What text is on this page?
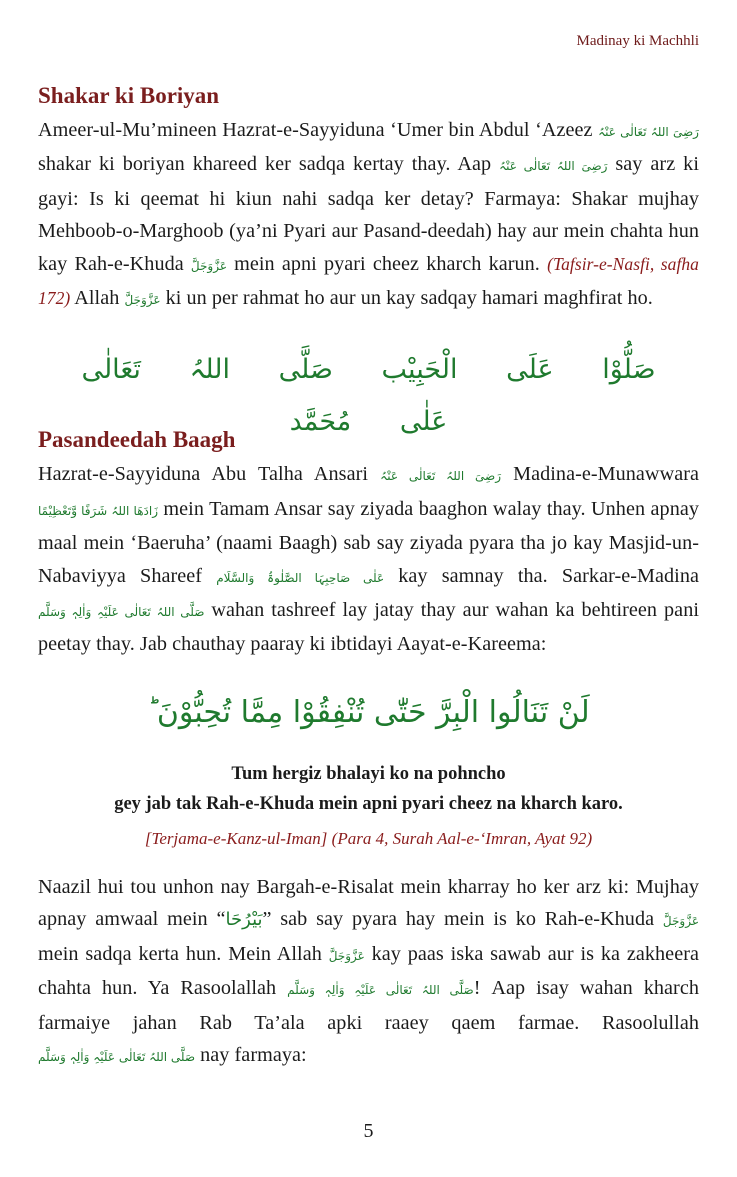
Madinay ki Machhli
Shakar ki Boriyan

Ameer-ul-Mu’mineen Hazrat-e-Sayyiduna ‘Umer bin Abdul ‘Azeez رَضِیَ اللہُ تَعَالٰی عَنْہُ shakar ki boriyan khareed ker sadqa kertay thay. Aap رَضِیَ اللہُ تَعَالٰی عَنْہُ say arz ki gayi: Is ki qeemat hi kiun nahi sadqa ker detay? Farmaya: Shakar mujhay Mehboob-o-Marghoob (ya’ni Pyari aur Pasand-deedah) hay aur mein chahta hun kay Rah-e-Khuda عَزَّوَجَلَّ mein apni pyari cheez kharch karun. (Tafsir-e-Nasfi, safha 172) Allah عَزَّوَجَلَّ ki un per rahmat ho aur un kay sadqay hamari maghfirat ho.

صَلُّوْا عَلَی الْحَبِیْب صَلَّی اللہُ تَعَالٰی عَلٰی مُحَمَّد
Pasandeedah Baagh

Hazrat-e-Sayyiduna Abu Talha Ansari رَضِیَ اللہُ تَعَالٰی عَنْہُ Madina-e-Munawwara زَادَھَا اللہُ شَرَفًا وَّتَعْظِیْمًا mein Tamam Ansar say ziyada baaghon walay thay. Unhen apnay maal mein ‘Baeruha’ (naami Baagh) sab say ziyada pyara tha jo kay Masjid-un-Nabaviyya Shareef عَلٰی صَاحِبِہَا الصَّلٰوۃُ وَالسَّلَام kay samnay tha. Sarkar-e-Madina صَلَّی اللہُ تَعَالٰی عَلَیْہِ وَاٰلِہٖ وَسَلَّم wahan tashreef lay jatay thay aur wahan ka behtireen pani peetay thay. Jab chauthay paaray ki ibtidayi Aayat-e-Kareema:

لَنْ تَنَالُوا الْبِرَّ حَتّٰی تُنْفِقُوْا مِمَّا تُحِبُّوْنَ ؕ
Tum hergiz bhalayi ko na pohncho
gey jab tak Rah-e-Khuda mein apni pyari cheez na kharch karo.
[Terjama-e-Kanz-ul-Iman] (Para 4, Surah Aal-e-‘Imran, Ayat 92)

Naazil hui tou unhon nay Bargah-e-Risalat mein kharray ho ker arz ki: Mujhay apnay amwaal mein “بَیْرُحَا” sab say pyara hay mein is ko Rah-e-Khuda عَزَّوَجَلَّ mein sadqa kerta hun. Mein Allah عَزَّوَجَلَّ kay paas iska sawab aur is ka zakheera chahta hun. Ya Rasoolallah صَلَّی اللہُ تَعَالٰی عَلَیْہِ وَاٰلِہٖ وَسَلَّم! Aap isay wahan kharch farmaiye jahan Rab Ta’ala apki raaey qaem farmae. Rasoolullah صَلَّی اللہُ تَعَالٰی عَلَیْہِ وَاٰلِہٖ وَسَلَّم nay farmaya:

5
